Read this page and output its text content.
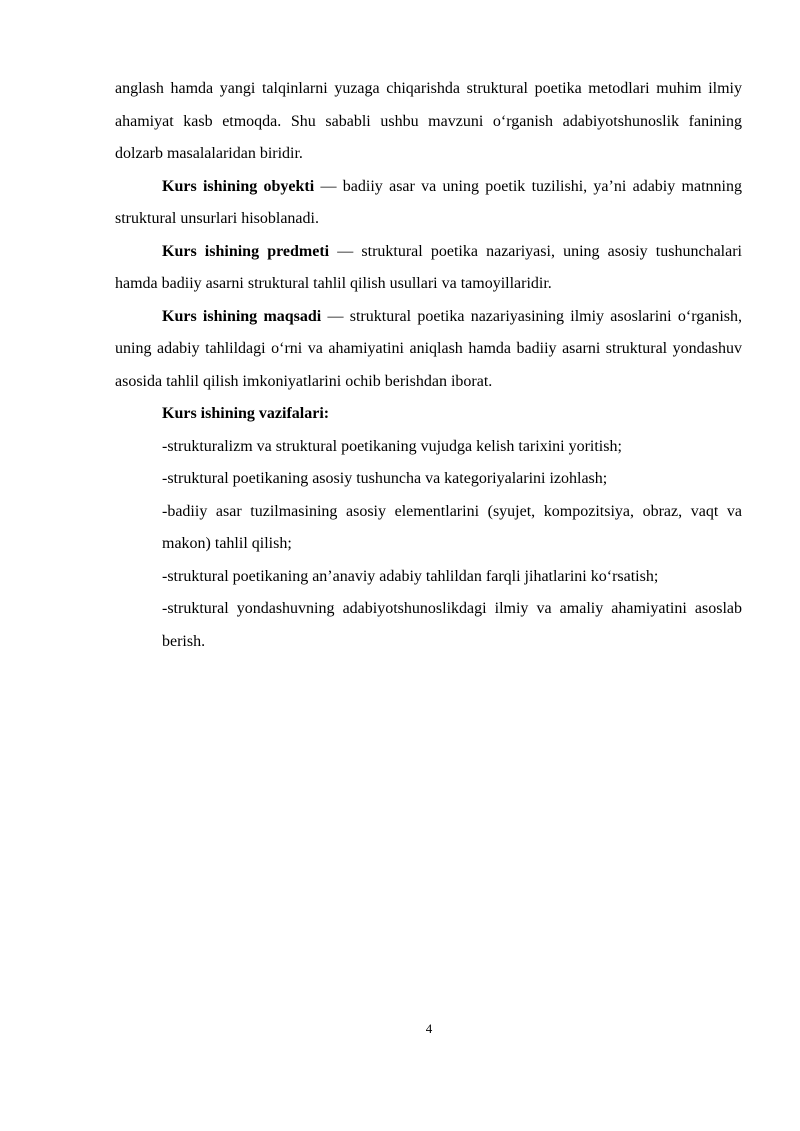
anglash hamda yangi talqinlarni yuzaga chiqarishda struktural poetika metodlari muhim ilmiy ahamiyat kasb etmoqda. Shu sababli ushbu mavzuni o‘rganish adabiyotshunoslik fanining dolzarb masalalaridan biridir.

Kurs ishining obyekti — badiiy asar va uning poetik tuzilishi, ya’ni adabiy matnning struktural unsurlari hisoblanadi.

Kurs ishining predmeti — struktural poetika nazariyasi, uning asosiy tushunchalari hamda badiiy asarni struktural tahlil qilish usullari va tamoyillaridir.

Kurs ishining maqsadi — struktural poetika nazariyasining ilmiy asoslarini o‘rganish, uning adabiy tahlildagi o‘rni va ahamiyatini aniqlash hamda badiiy asarni struktural yondashuv asosida tahlil qilish imkoniyatlarini ochib berishdan iborat.

Kurs ishining vazifalari:

-strukturalizm va struktural poetikaning vujudga kelish tarixini yoritish;

-struktural poetikaning asosiy tushuncha va kategoriyalarini izohlash;

-badiiy asar tuzilmasining asosiy elementlarini (syujet, kompozitsiya, obraz, vaqt va makon) tahlil qilish;

-struktural poetikaning an’anaviy adabiy tahlildan farqli jihatlarini ko‘rsatish;

-struktural yondashuvning adabiyotshunoslikdagi ilmiy va amaliy ahamiyatini asoslab berish.

4
